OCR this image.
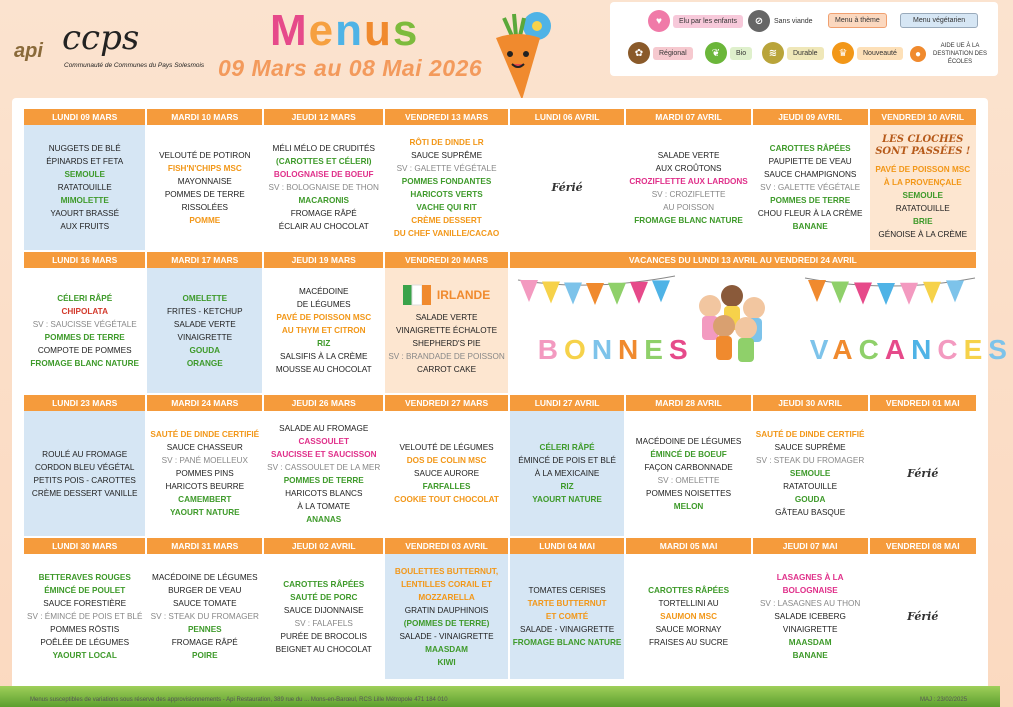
api ccps
Communauté de Communes du Pays Solesmois
Menus
09 Mars au 08 Mai 2026
♥	Elu par les enfants	⊘	Sans viande	Menu à thème	Menu végétarien
✿	Régional	❦	Bio	≋	Durable	♛	Nouveauté	●
AIDE UE À LA DESTINATION DES ÉCOLES
LUNDI 09 MARS
NUGGETS DE BLÉ
ÉPINARDS ET FETA
SEMOULE
RATATOUILLE
MIMOLETTE
YAOURT BRASSÉ
AUX FRUITS
MARDI 10 MARS
VELOUTÉ DE POTIRON
FISH'N'CHIPS MSC
MAYONNAISE
POMMES DE TERRE
RISSOLÉES
POMME
JEUDI 12 MARS
MÉLI MÉLO DE CRUDITÉS
(CAROTTES ET CÉLERI)
BOLOGNAISE DE BOEUF
SV : BOLOGNAISE DE THON
MACARONIS
FROMAGE RÂPÉ
ÉCLAIR AU CHOCOLAT
VENDREDI 13 MARS
RÔTI DE DINDE LR
SAUCE SUPRÊME
SV : GALETTE VÉGÉTALE
POMMES FONDANTES
HARICOTS VERTS
VACHE QUI RIT
CRÈME DESSERT
DU CHEF VANILLE/CACAO
LUNDI 06 AVRIL
Férié
MARDI 07 AVRIL
SALADE VERTE
AUX CROÛTONS
CROZIFLETTE AUX LARDONS
SV : CROZIFLETTE
AU POISSON
FROMAGE BLANC NATURE
JEUDI 09 AVRIL
CAROTTES RÂPÉES
PAUPIETTE DE VEAU
SAUCE CHAMPIGNONS
SV : GALETTE VÉGÉTALE
POMMES DE TERRE
CHOU FLEUR À LA CRÈME
BANANE
VENDREDI 10 AVRIL
LES CLOCHES
SONT PASSÉES !
PAVÉ DE POISSON MSC
À LA PROVENÇALE
SEMOULE
RATATOUILLE
BRIE
GÉNOISE À LA CRÈME
LUNDI 16 MARS
CÉLERI RÂPÉ
CHIPOLATA
SV : SAUCISSE VÉGÉTALE
POMMES DE TERRE
COMPOTE DE POMMES
FROMAGE BLANC NATURE
MARDI 17 MARS
OMELETTE
FRITES - KETCHUP
SALADE VERTE
VINAIGRETTE
GOUDA
ORANGE
JEUDI 19 MARS
MACÉDOINE
DE LÉGUMES
PAVÉ DE POISSON MSC
AU THYM ET CITRON
RIZ
SALSIFIS À LA CRÈME
MOUSSE AU CHOCOLAT
VENDREDI 20 MARS
IRLANDE
SALADE VERTE
VINAIGRETTE ÉCHALOTE
SHEPHERD'S PIE
SV : BRANDADE DE POISSON
CARROT CAKE
VACANCES DU LUNDI 13 AVRIL AU VENDREDI 24 AVRIL
BONNES	VACANCES
LUNDI 23 MARS
ROULÉ AU FROMAGE
CORDON BLEU VÉGÉTAL
PETITS POIS - CAROTTES
CRÈME DESSERT VANILLE
MARDI 24 MARS
SAUTÉ DE DINDE CERTIFIÉ
SAUCE CHASSEUR
SV : PANÉ MOELLEUX
POMMES PINS
HARICOTS BEURRE
CAMEMBERT
YAOURT NATURE
JEUDI 26 MARS
SALADE AU FROMAGE
CASSOULET
SAUCISSE ET SAUCISSON
SV : CASSOULET DE LA MER
POMMES DE TERRE
HARICOTS BLANCS
À LA TOMATE
ANANAS
VENDREDI 27 MARS
VELOUTÉ DE LÉGUMES
DOS DE COLIN MSC
SAUCE AURORE
FARFALLES
COOKIE TOUT CHOCOLAT
LUNDI 27 AVRIL
CÉLERI RÂPÉ
ÉMINCÉ DE POIS ET BLÉ
À LA MEXICAINE
RIZ
YAOURT NATURE
MARDI 28 AVRIL
MACÉDOINE DE LÉGUMES
ÉMINCÉ DE BOEUF
FAÇON CARBONNADE
SV : OMELETTE
POMMES NOISETTES
MELON
JEUDI 30 AVRIL
SAUTÉ DE DINDE CERTIFIÉ
SAUCE SUPRÊME
SV : STEAK DU FROMAGER
SEMOULE
RATATOUILLE
GOUDA
GÂTEAU BASQUE
VENDREDI 01 MAI
Férié
LUNDI 30 MARS
BETTERAVES ROUGES
ÉMINCÉ DE POULET
SAUCE FORESTIÈRE
SV : ÉMINCÉ DE POIS ET BLÉ
POMMES RÖSTIS
POÊLÉE DE LÉGUMES
YAOURT LOCAL
MARDI 31 MARS
MACÉDOINE DE LÉGUMES
BURGER DE VEAU
SAUCE TOMATE
SV : STEAK DU FROMAGER
PENNES
FROMAGE RÂPÉ
POIRE
JEUDI 02 AVRIL
CAROTTES RÂPÉES
SAUTÉ DE PORC
SAUCE DIJONNAISE
SV : FALAFELS
PURÉE DE BROCOLIS
BEIGNET AU CHOCOLAT
VENDREDI 03 AVRIL
BOULETTES BUTTERNUT,
LENTILLES CORAIL ET
MOZZARELLA
GRATIN DAUPHINOIS
(POMMES DE TERRE)
SALADE - VINAIGRETTE
MAASDAM
KIWI
LUNDI 04 MAI
TOMATES CERISES
TARTE BUTTERNUT
ET COMTÉ
SALADE - VINAIGRETTE
FROMAGE BLANC NATURE
MARDI 05 MAI
CAROTTES RÂPÉES
TORTELLINI AU
SAUMON MSC
SAUCE MORNAY
FRAISES AU SUCRE
JEUDI 07 MAI
LASAGNES À LA
BOLOGNAISE
SV : LASAGNES AU THON
SALADE ICEBERG
VINAIGRETTE
MAASDAM
BANANE
VENDREDI 08 MAI
Férié
Menus susceptibles de variations sous réserve des approvisionnements - Api Restauration, 389 rue du ... Mons-en-Barœul, RCS Lille Métropole 471 184 010	MAJ : 23/02/2025
